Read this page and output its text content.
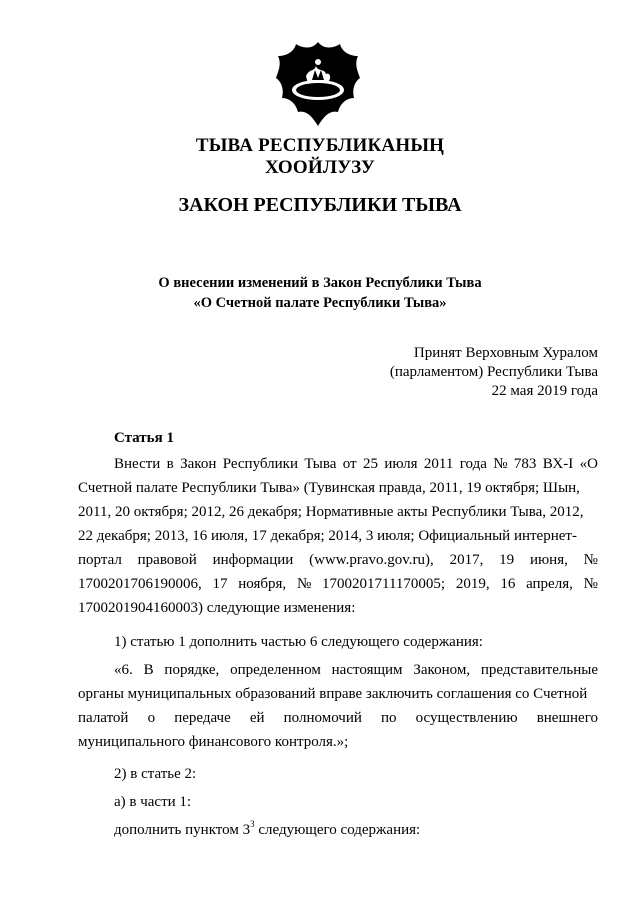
ТЫВА РЕСПУБЛИКАНЫҢ
ХООЙЛУЗУ
ЗАКОН РЕСПУБЛИКИ ТЫВА
О внесении изменений в Закон Республики Тыва
«О Счетной палате Республики Тыва»
Принят Верховным Хуралом
(парламентом) Республики Тыва
22 мая 2019 года
Статья 1
Внести в Закон Республики Тыва от 25 июля 2011 года № 783 ВХ-I «О
Счетной палате Республики Тыва» (Тувинская правда, 2011, 19 октября; Шын,
2011, 20 октября; 2012, 26 декабря; Нормативные акты Республики Тыва, 2012,
22 декабря; 2013, 16 июля, 17 декабря; 2014, 3 июля; Официальный интернет-
портал правовой информации (www.pravo.gov.ru), 2017, 19 июня, №
1700201706190006, 17 ноября, № 1700201711170005; 2019, 16 апреля, №
1700201904160003) следующие изменения:
1) статью 1 дополнить частью 6 следующего содержания:
«6. В порядке, определенном настоящим Законом, представительные
органы муниципальных образований вправе заключить соглашения со Счетной
палатой о передаче ей полномочий по осуществлению внешнего
муниципального финансового контроля.»;
2) в статье 2:
а) в части 1:
дополнить пунктом $3^3$ следующего содержания:
